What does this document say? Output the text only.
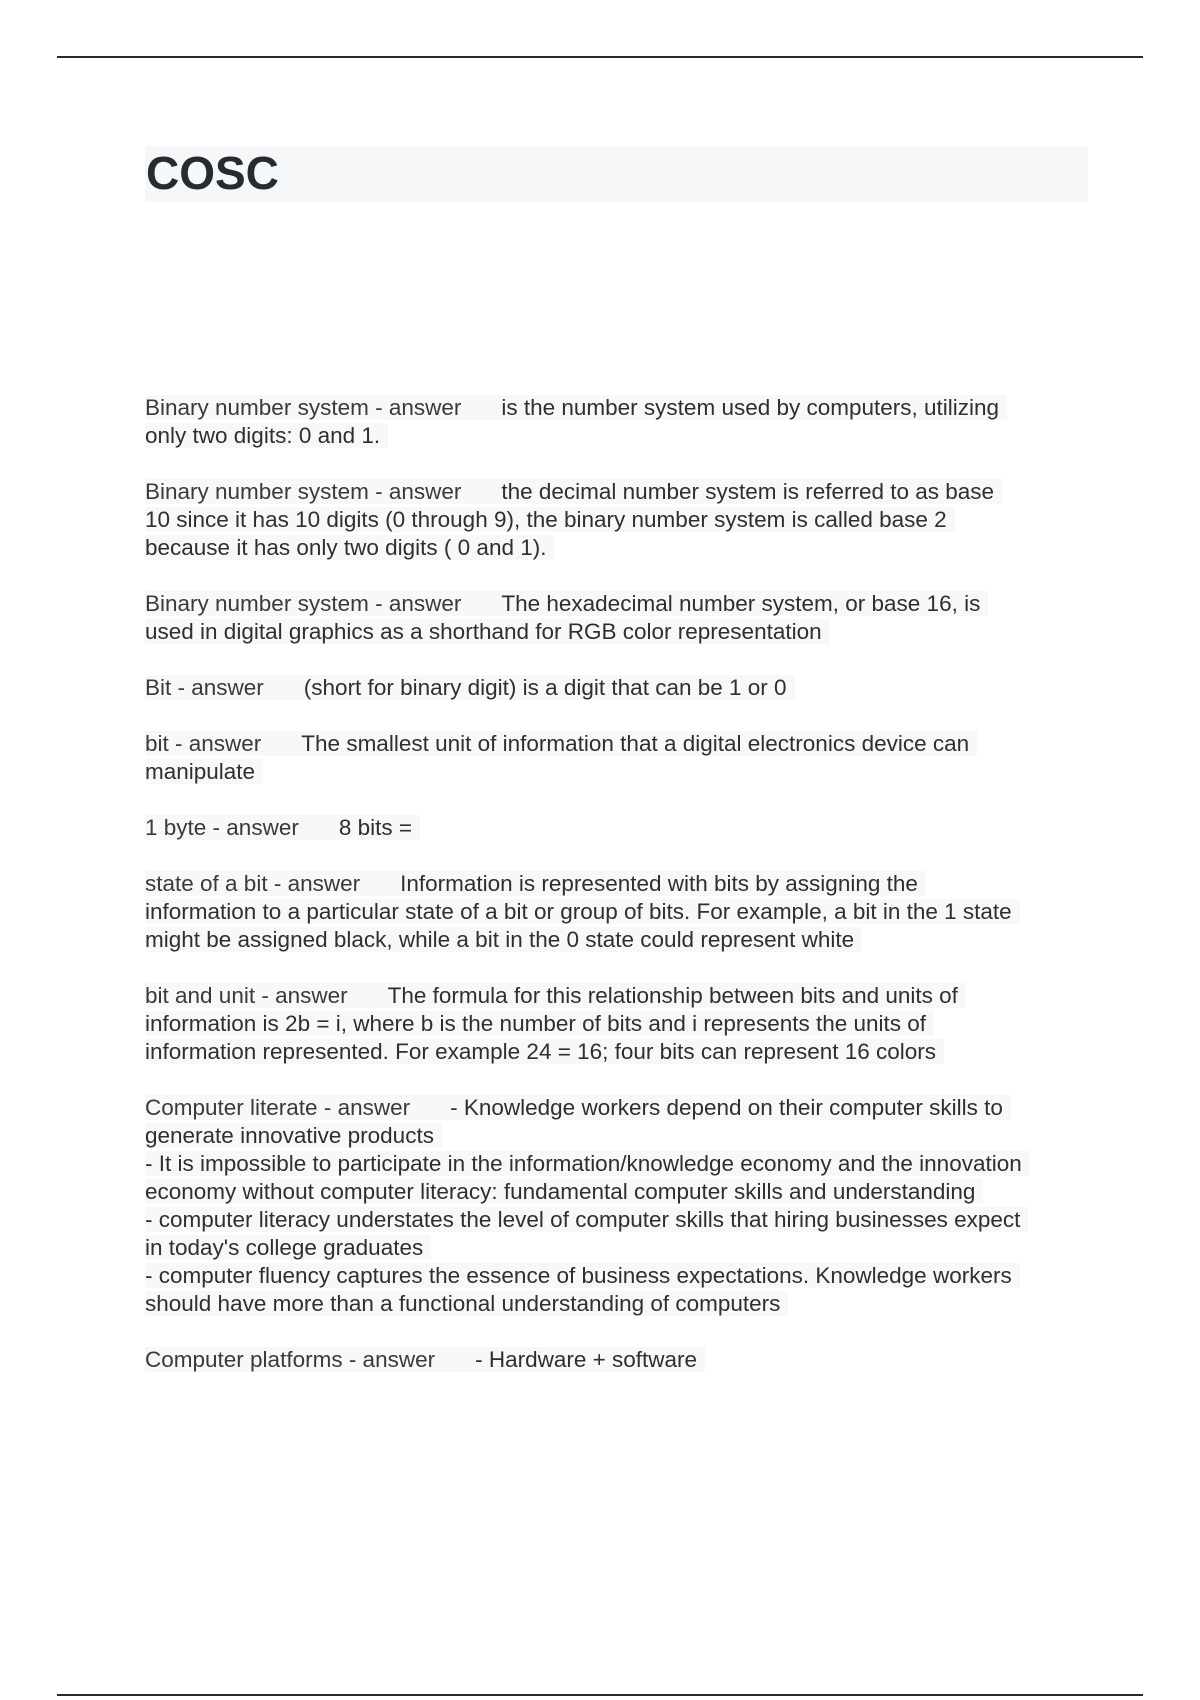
COSC
Binary number system - answer is the number system used by computers, utilizing
only two digits: 0 and 1.
Binary number system - answer the decimal number system is referred to as base
10 since it has 10 digits (0 through 9), the binary number system is called base 2
because it has only two digits ( 0 and 1).
Binary number system - answer The hexadecimal number system, or base 16, is
used in digital graphics as a shorthand for RGB color representation
Bit - answer (short for binary digit) is a digit that can be 1 or 0
bit - answer The smallest unit of information that a digital electronics device can
manipulate
1 byte - answer 8 bits =
state of a bit - answer Information is represented with bits by assigning the
information to a particular state of a bit or group of bits. For example, a bit in the 1 state
might be assigned black, while a bit in the 0 state could represent white
bit and unit - answer The formula for this relationship between bits and units of
information is 2b = i, where b is the number of bits and i represents the units of
information represented. For example 24 = 16; four bits can represent 16 colors
Computer literate - answer - Knowledge workers depend on their computer skills to
generate innovative products
- It is impossible to participate in the information/knowledge economy and the innovation
economy without computer literacy: fundamental computer skills and understanding
- computer literacy understates the level of computer skills that hiring businesses expect
in today's college graduates
- computer fluency captures the essence of business expectations. Knowledge workers
should have more than a functional understanding of computers
Computer platforms - answer - Hardware + software
